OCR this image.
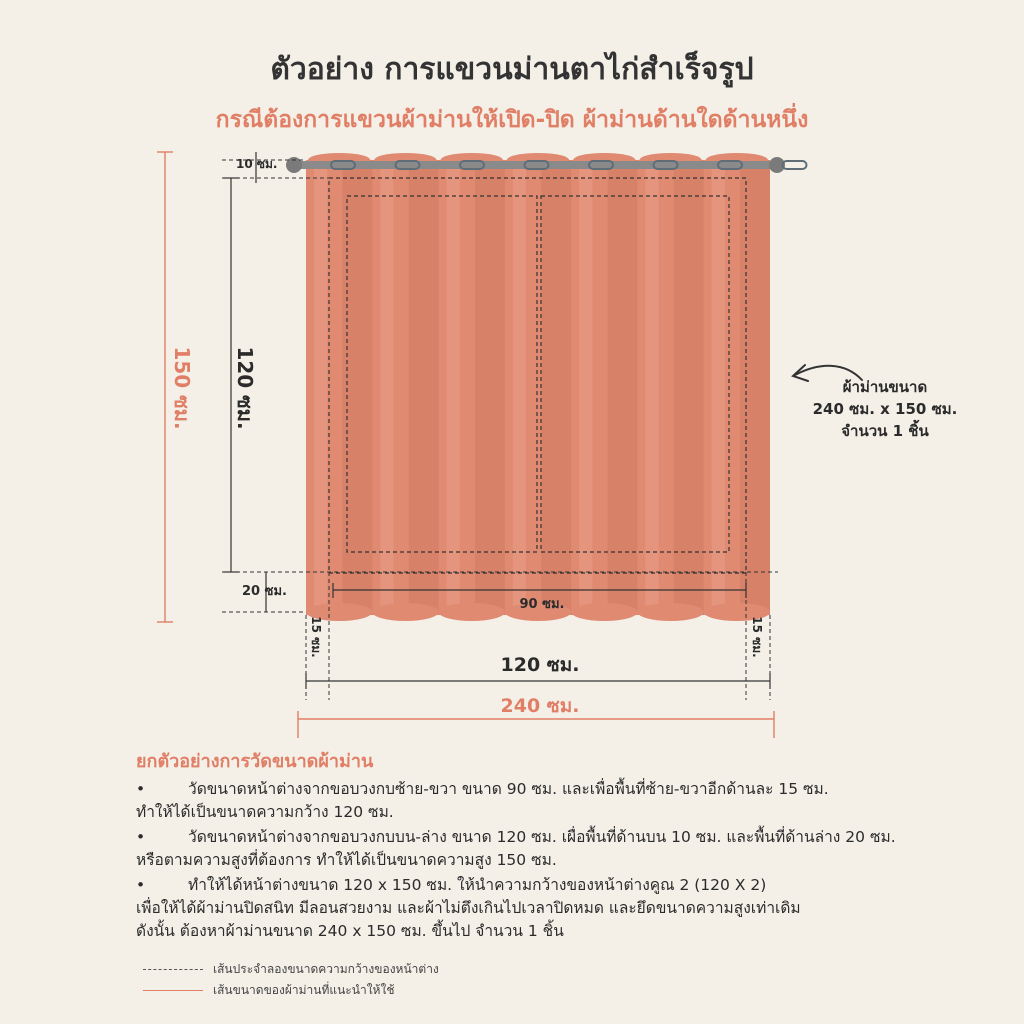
ตัวอย่าง การแขวนม่านตาไก่สำเร็จรูป
กรณีต้องการแขวนผ้าม่านให้เปิด-ปิด ผ้าม่านด้านใดด้านหนึ่ง
10 ซม.
120 ซม.
150 ซม.
20 ซม.
90 ซม.
15 ซม.	15 ซม.
120 ซม.
240 ซม.
ผ้าม่านขนาด
240 ซม. x 150 ซม.
จำนวน 1 ชิ้น
ยกตัวอย่างการวัดขนาดผ้าม่าน
•	วัดขนาดหน้าต่างจากขอบวงกบซ้าย-ขวา ขนาด 90 ซม. และเพื่อพื้นที่ซ้าย-ขวาอีกด้านละ 15 ซม.
ทำให้ได้เป็นขนาดความกว้าง 120 ซม.
•	วัดขนาดหน้าต่างจากขอบวงกบบน-ล่าง ขนาด 120 ซม. เผื่อพื้นที่ด้านบน 10 ซม. และพื้นที่ด้านล่าง 20 ซม.
หรือตามความสูงที่ต้องการ ทำให้ได้เป็นขนาดความสูง 150 ซม.
•	ทำให้ได้หน้าต่างขนาด 120 x 150 ซม. ให้นำความกว้างของหน้าต่างคูณ 2 (120 X 2)
เพื่อให้ได้ผ้าม่านปิดสนิท มีลอนสวยงาม และผ้าไม่ตึงเกินไปเวลาปิดหมด และยึดขนาดความสูงเท่าเดิม
ดังนั้น ต้องหาผ้าม่านขนาด 240 x 150 ซม. ขึ้นไป จำนวน 1 ชิ้น
เส้นประจำลองขนาดความกว้างของหน้าต่าง
เส้นขนาดของผ้าม่านที่แนะนำให้ใช้
